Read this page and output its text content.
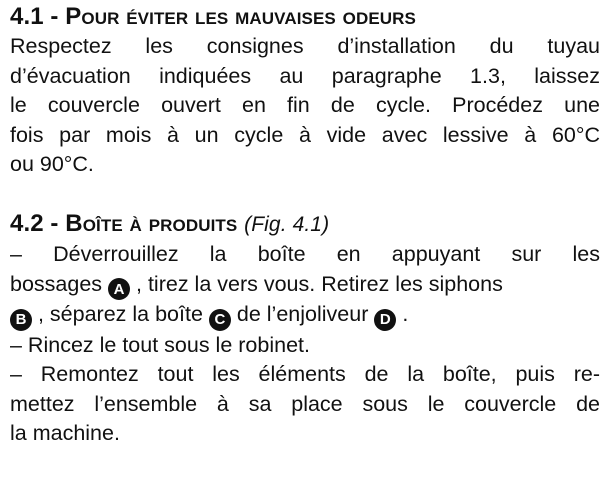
4.1 - Pour éviter les mauvaises odeurs

Respectez les consignes d’installation du tuyau
d’évacuation indiquées au paragraphe 1.3, laissez
le couvercle ouvert en fin de cycle. Procédez une
fois par mois à un cycle à vide avec lessive à 60°C
ou 90°C.

4.2 - Boîte à produits (Fig. 4.1)

– Déverrouillez la boîte en appuyant sur les
bossages A , tirez la vers vous. Retirez les siphons
B , séparez la boîte C de l’enjoliveur D .
– Rincez le tout sous le robinet.
– Remontez tout les éléments de la boîte, puis re-
mettez l’ensemble à sa place sous le couvercle de
la machine.
